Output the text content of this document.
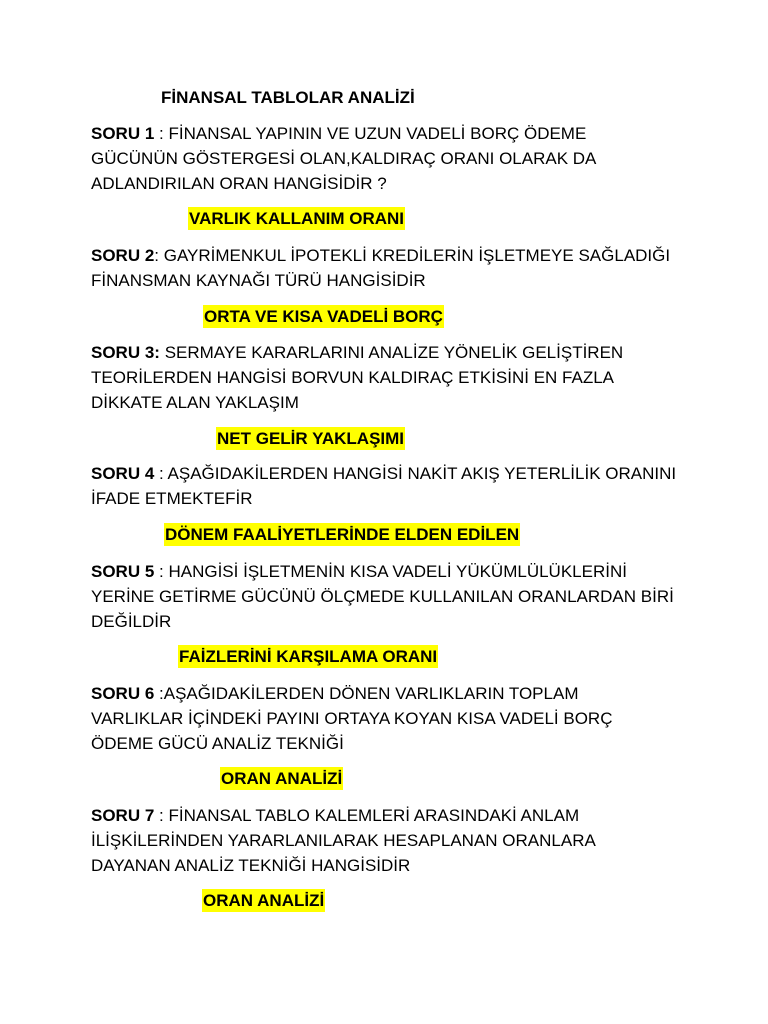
FİNANSAL TABLOLAR ANALİZİ
SORU 1 : FİNANSAL YAPININ VE UZUN VADELİ BORÇ ÖDEME
GÜCÜNÜN GÖSTERGESİ OLAN,KALDIRAÇ ORANI OLARAK DA
ADLANDIRILAN ORAN HANGİSİDİR ?
VARLIK KALLANIM ORANI
SORU 2: GAYRİMENKUL İPOTEKLİ KREDİLERİN İŞLETMEYE SAĞLADIĞI
FİNANSMAN KAYNAĞI TÜRÜ HANGİSİDİR
ORTA VE KISA VADELİ BORÇ
SORU 3: SERMAYE KARARLARINI ANALİZE YÖNELİK GELİŞTİREN
TEORİLERDEN HANGİSİ BORVUN KALDIRAÇ ETKİSİNİ EN FAZLA
DİKKATE ALAN YAKLAŞIM
NET GELİR YAKLAŞIMI
SORU 4 : AŞAĞIDAKİLERDEN HANGİSİ NAKİT AKIŞ YETERLİLİK ORANINI
İFADE ETMEKTEFİR
DÖNEM FAALİYETLERİNDE ELDEN EDİLEN
SORU 5 : HANGİSİ İŞLETMENİN KISA VADELİ YÜKÜMLÜLÜKLERİNİ
YERİNE GETİRME GÜCÜNÜ ÖLÇMEDE KULLANILAN ORANLARDAN BİRİ
DEĞİLDİR
FAİZLERİNİ KARŞILAMA ORANI
SORU 6 :AŞAĞIDAKİLERDEN DÖNEN VARLIKLARIN TOPLAM
VARLIKLAR İÇİNDEKİ PAYINI ORTAYA KOYAN KISA VADELİ BORÇ
ÖDEME GÜCÜ ANALİZ TEKNİĞİ
ORAN ANALİZİ
SORU 7 : FİNANSAL TABLO KALEMLERİ ARASINDAKİ ANLAM
İLİŞKİLERİNDEN YARARLANILARAK HESAPLANAN ORANLARA
DAYANAN ANALİZ TEKNİĞİ HANGİSİDİR
ORAN ANALİZİ
